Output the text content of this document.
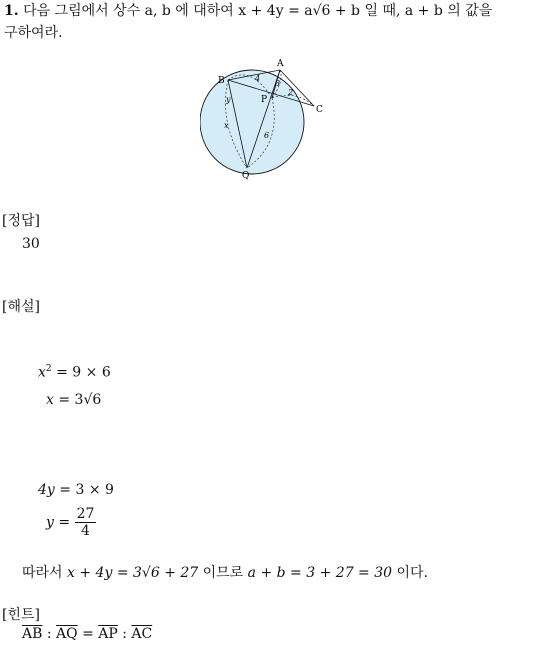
1. 다음 그림에서 상수 a, b 에 대하여 x + 4y = a√6 + b 일 때, a + b 의 값을
구하여라.
B
A
C
P
Q
4
3
2
x
6
y
[정답]
30
[해설]
$x^2 = 9 \times 6$
x = 3√6
4y = 3 × 9
$y = \frac{27}{4}$
따라서 x + 4y = 3√6 + 27 이므로 a + b = 3 + 27 = 30 이다.
[힌트]
$\overline{AB}$ : $\overline{AQ} = \overline{AP}$ : $\overline{AC}$
